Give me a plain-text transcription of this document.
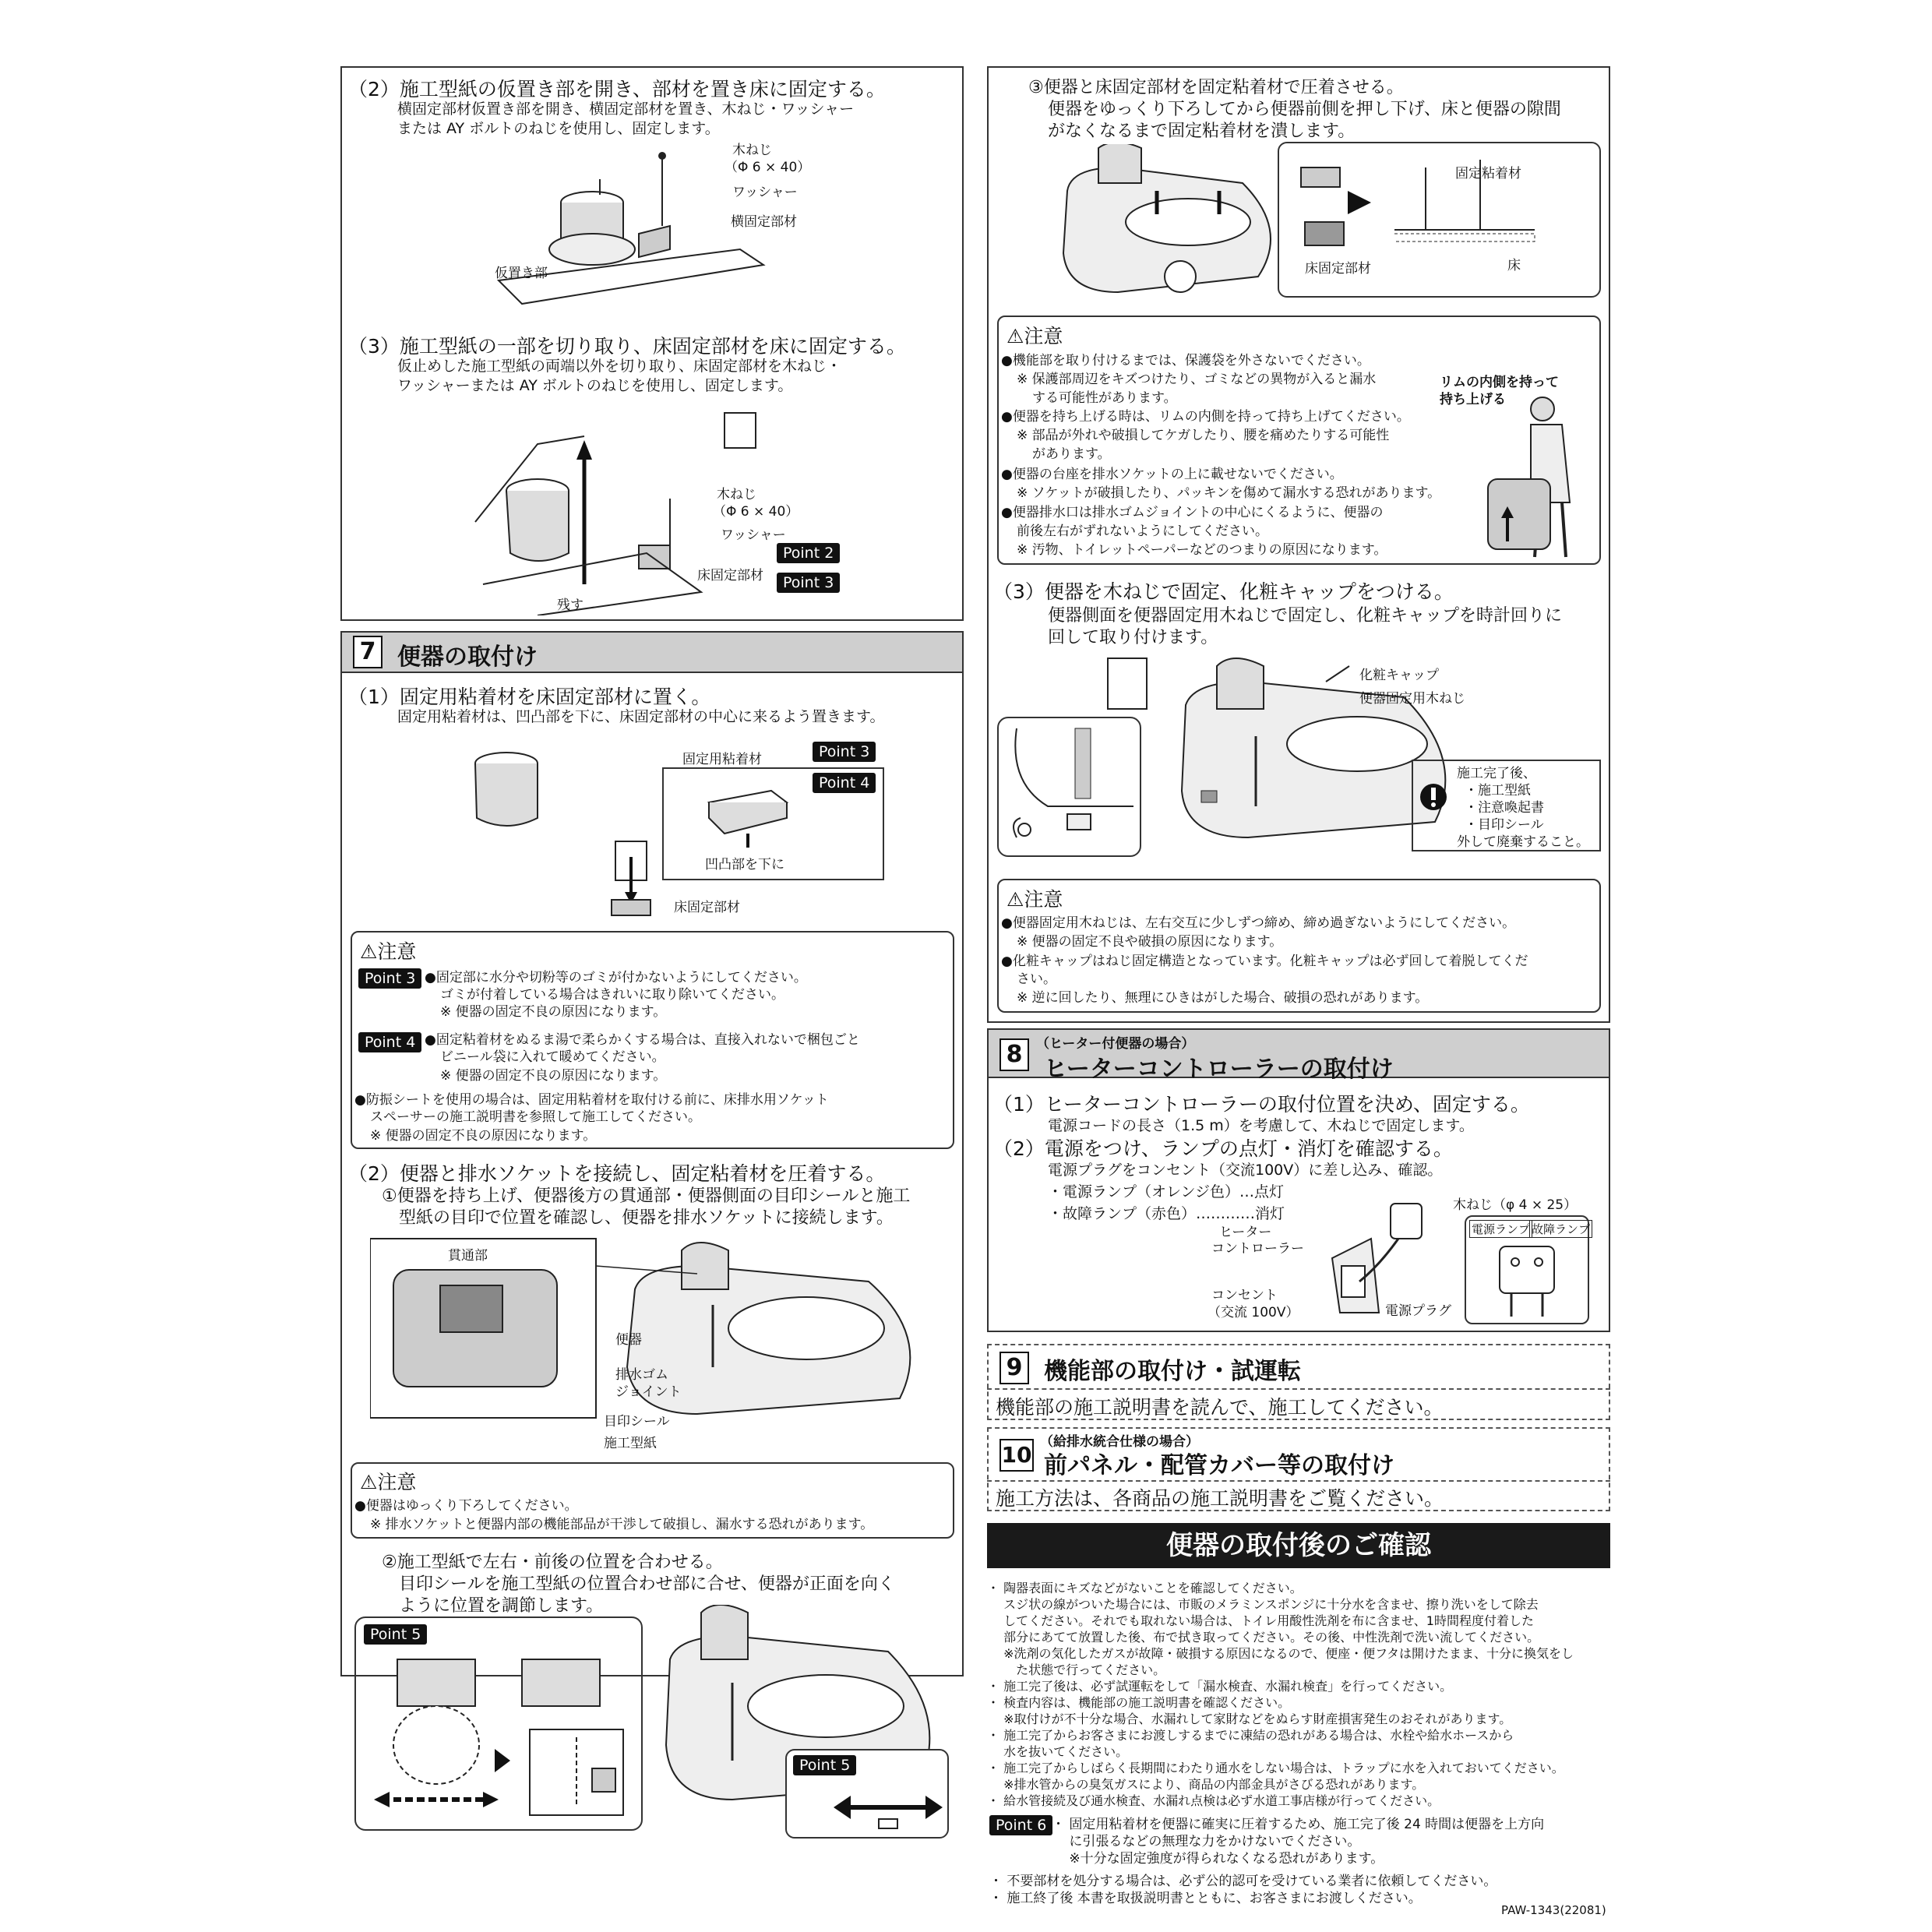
（2）施工型紙の仮置き部を開き、部材を置き床に固定する。
横固定部材仮置き部を開き、横固定部材を置き、木ねじ・ワッシャー
または AY ボルトのねじを使用し、固定します。
木ねじ
（Φ 6 × 40）
ワッシャー
横固定部材
仮置き部
（3）施工型紙の一部を切り取り、床固定部材を床に固定する。
仮止めした施工型紙の両端以外を切り取り、床固定部材を木ねじ・
ワッシャーまたは AY ボルトのねじを使用し、固定します。
木ねじ
（Φ 6 × 40）
ワッシャー
Point 2
床固定部材	Point 3
残す
7 便器の取付け
（1）固定用粘着材を床固定部材に置く。
固定用粘着材は、凹凸部を下に、床固定部材の中心に来るよう置きます。
固定用粘着材	Point 3
Point 4
凹凸部を下に
床固定部材
⚠注意
Point 3 ●固定部に水分や切粉等のゴミが付かないようにしてください。
ゴミが付着している場合はきれいに取り除いてください。
※ 便器の固定不良の原因になります。
Point 4 ●固定粘着材をぬるま湯で柔らかくする場合は、直接入れないで梱包ごと
ビニール袋に入れて暖めてください。
※ 便器の固定不良の原因になります。
●防振シートを使用の場合は、固定用粘着材を取付ける前に、床排水用ソケット
スペーサーの施工説明書を参照して施工してください。
※ 便器の固定不良の原因になります。
（2）便器と排水ソケットを接続し、固定粘着材を圧着する。
①便器を持ち上げ、便器後方の貫通部・便器側面の目印シールと施工
型紙の目印で位置を確認し、便器を排水ソケットに接続します。
貫通部
便器
排水ゴム
ジョイント
目印シール
施工型紙
⚠注意
●便器はゆっくり下ろしてください。
※ 排水ソケットと便器内部の機能部品が干渉して破損し、漏水する恐れがあります。
②施工型紙で左右・前後の位置を合わせる。
目印シールを施工型紙の位置合わせ部に合せ、便器が正面を向く
ように位置を調節します。
Point 5
Point 5
③便器と床固定部材を固定粘着材で圧着させる。
便器をゆっくり下ろしてから便器前側を押し下げ、床と便器の隙間
がなくなるまで固定粘着材を潰します。
固定粘着材
床固定部材	床
⚠注意
●機能部を取り付けるまでは、保護袋を外さないでください。
※ 保護部周辺をキズつけたり、ゴミなどの異物が入ると漏水
する可能性があります。
●便器を持ち上げる時は、リムの内側を持って持ち上げてください。
※ 部品が外れや破損してケガしたり、腰を痛めたりする可能性
があります。
●便器の台座を排水ソケットの上に載せないでください。
※ ソケットが破損したり、パッキンを傷めて漏水する恐れがあります。
●便器排水口は排水ゴムジョイントの中心にくるように、便器の
前後左右がずれないようにしてください。
※ 汚物、トイレットペーパーなどのつまりの原因になります。
リムの内側を持って
持ち上げる
（3）便器を木ねじで固定、化粧キャップをつける。
便器側面を便器固定用木ねじで固定し、化粧キャップを時計回りに
回して取り付けます。
化粧キャップ
便器固定用木ねじ
施工完了後、
・施工型紙
・注意喚起書
・目印シール
外して廃棄すること。
⚠注意
●便器固定用木ねじは、左右交互に少しずつ締め、締め過ぎないようにしてください。
※ 便器の固定不良や破損の原因になります。
●化粧キャップはねじ固定構造となっています。化粧キャップは必ず回して着脱してくだ
さい。
※ 逆に回したり、無理にひきはがした場合、破損の恐れがあります。
8	（ヒーター付便器の場合）
ヒーターコントローラーの取付け
（1）ヒーターコントローラーの取付位置を決め、固定する。
電源コードの長さ（1.5 m）を考慮して、木ねじで固定します。
（2）電源をつけ、ランプの点灯・消灯を確認する。
電源プラグをコンセント（交流100V）に差し込み、確認。
・電源ランプ（オレンジ色）…点灯
・故障ランプ（赤色）…………消灯
ヒーター
コントローラー
コンセント
（交流 100V）	電源プラグ
木ねじ（φ 4 × 25）
電源ランプ 故障ランプ
9 機能部の取付け・試運転
機能部の施工説明書を読んで、施工してください。
10 （給排水統合仕様の場合）
前パネル・配管カバー等の取付け
施工方法は、各商品の施工説明書をご覧ください。
便器の取付後のご確認
・ 陶器表面にキズなどがないことを確認してください。
　 スジ状の線がついた場合には、市販のメラミンスポンジに十分水を含ませ、擦り洗いをして除去
　 してください。それでも取れない場合は、トイレ用酸性洗剤を布に含ませ、1時間程度付着した
　 部分にあてて放置した後、布で拭き取ってください。その後、中性洗剤で洗い流してください。
　 ※洗剤の気化したガスが故障・破損する原因になるので、便座・便フタは開けたまま、十分に換気をし
　 　た状態で行ってください。
・ 施工完了後は、必ず試運転をして「漏水検査、水漏れ検査」を行ってください。
・ 検査内容は、機能部の施工説明書を確認ください。
　 ※取付けが不十分な場合、水漏れして家財などをぬらす財産損害発生のおそれがあります。
・ 施工完了からお客さまにお渡しするまでに凍結の恐れがある場合は、水栓や給水ホースから
　 水を抜いてください。
・ 施工完了からしばらく長期間にわたり通水をしない場合は、トラップに水を入れておいてください。
　 ※排水管からの臭気ガスにより、商品の内部金具がさびる恐れがあります。
・ 給水管接続及び通水検査、水漏れ点検は必ず水道工事店様が行ってください。
Point 6 ・ 固定用粘着材を便器に確実に圧着するため、施工完了後 24 時間は便器を上方向
　 に引張るなどの無理な力をかけないでください。
　 ※十分な固定強度が得られなくなる恐れがあります。
・ 不要部材を処分する場合は、必ず公的認可を受けている業者に依頼してください。
・ 施工終了後 本書を取扱説明書とともに、お客さまにお渡しください。
PAW-1343(22081)
